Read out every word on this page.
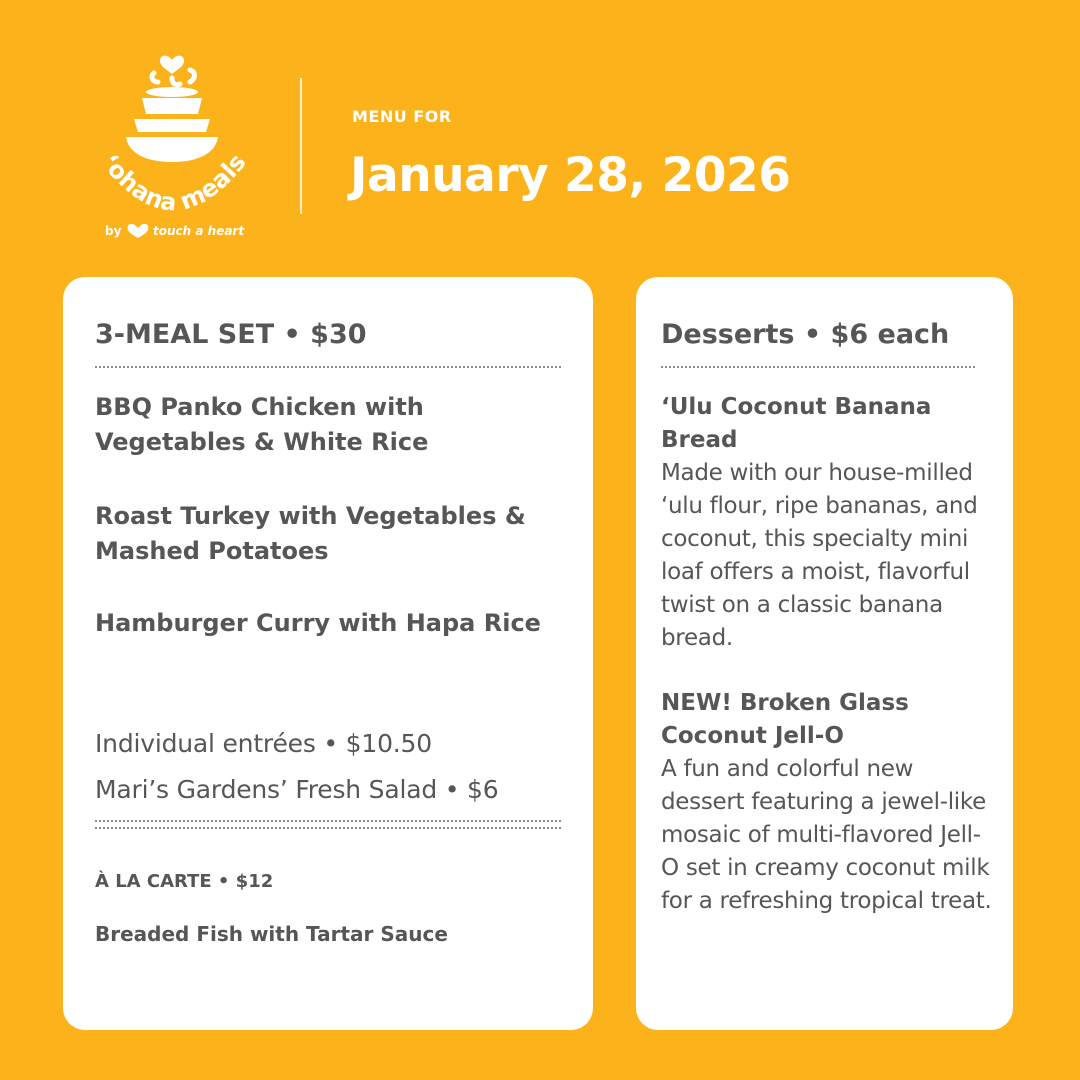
ʻohana meals
by	touch a heart
MENU FOR
January 28, 2026
3-MEAL SET • $30
BBQ Panko Chicken with Vegetables & White Rice
Roast Turkey with Vegetables & Mashed Potatoes
Hamburger Curry with Hapa Rice
Individual entrées • $10.50
Mari’s Gardens’ Fresh Salad • $6
À LA CARTE • $12
Breaded Fish with Tartar Sauce
Desserts • $6 each
‘Ulu Coconut Banana Bread
Made with our house-milled ‘ulu flour, ripe bananas, and coconut, this specialty mini loaf offers a moist, flavorful twist on a classic banana bread.
NEW! Broken Glass Coconut Jell-O
A fun and colorful new dessert featuring a jewel-like mosaic of multi-flavored Jell-O set in creamy coconut milk for a refreshing tropical treat.
